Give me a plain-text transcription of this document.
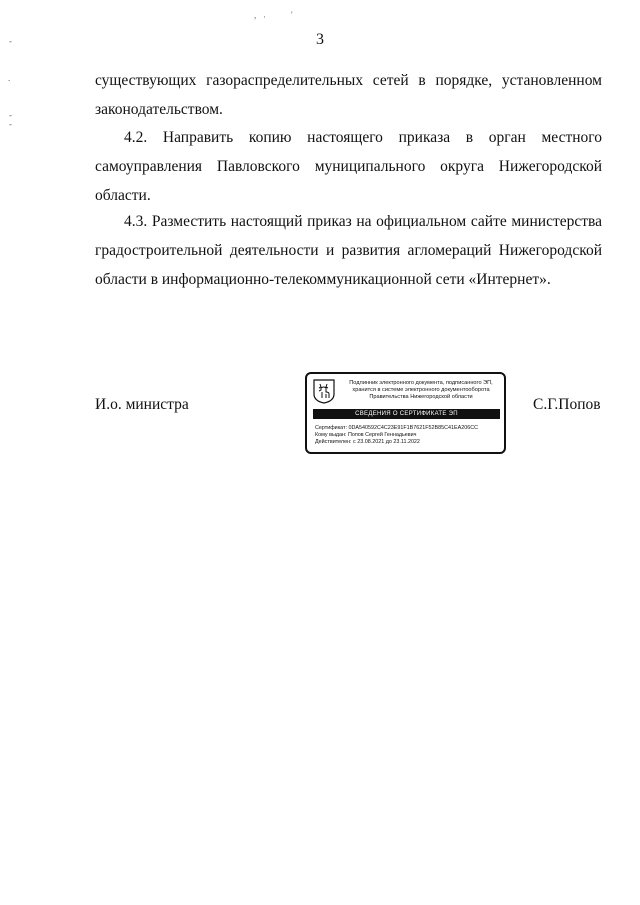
3
, ·	'
-
.
-
-
существующих газораспределительных сетей в порядке, установленном
законодательством.
4.2. Направить копию настоящего приказа в орган местного
самоуправления Павловского муниципального округа Нижегородской
области.
4.3. Разместить настоящий приказ на официальном сайте министерства
градостроительной деятельности и развития агломераций Нижегородской
области в информационно-телекоммуникационной сети «Интернет».
И.о. министра	С.Г.Попов
Подлинник электронного документа, подписанного ЭП,
хранится в системе электронного документооборота
Правительства Нижегородской области
СВЕДЕНИЯ О СЕРТИФИКАТЕ ЭП
Сертификат: 0DA540592C4C23E91F1B7621F52B85C41EA206CC
Кому выдан: Попов Сергей Геннадьевич
Действителен: с 23.08.2021 до 23.11.2022
